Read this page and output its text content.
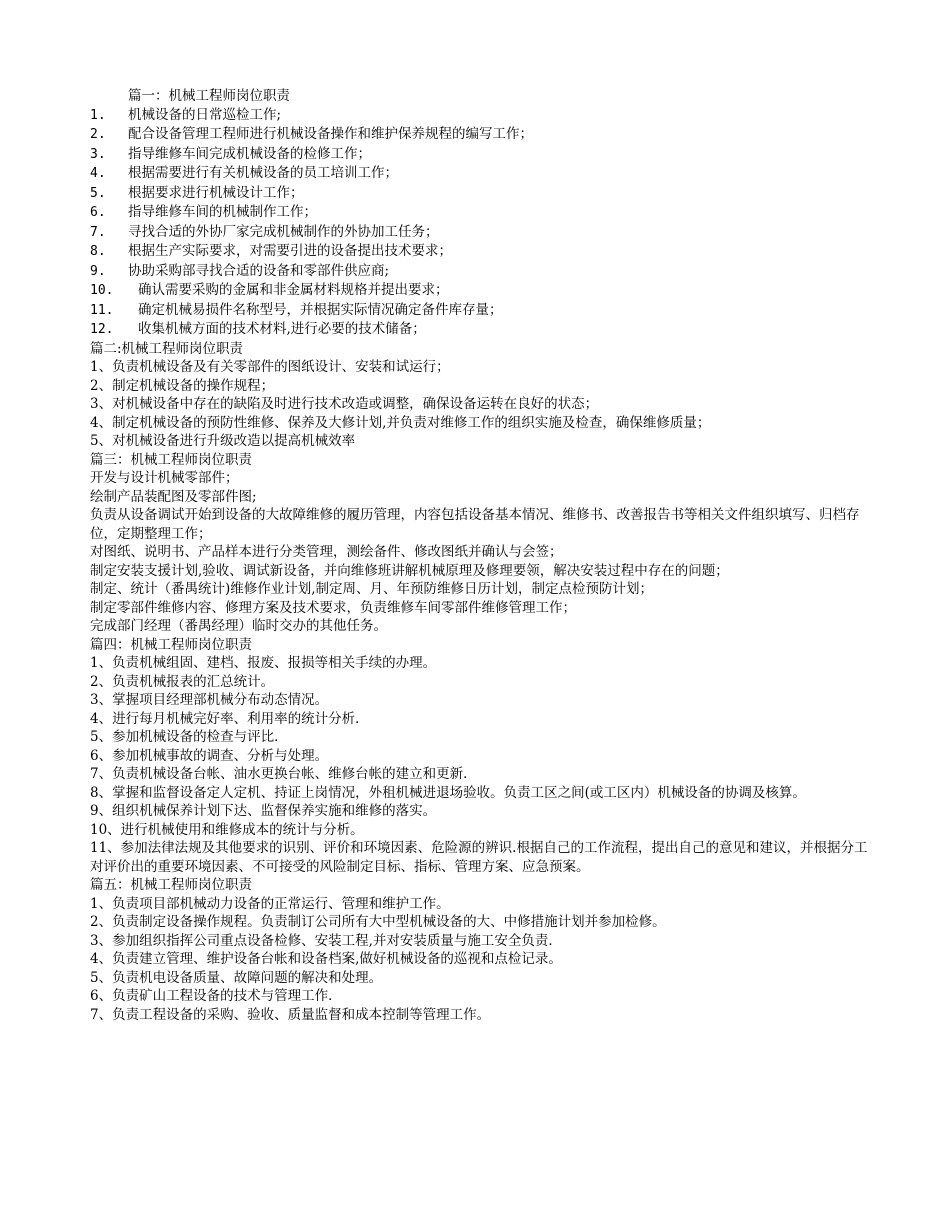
篇一：机械工程师岗位职责
1. 机械设备的日常巡检工作;
2. 配合设备管理工程师进行机械设备操作和维护保养规程的编写工作；
3. 指导维修车间完成机械设备的检修工作；
4. 根据需要进行有关机械设备的员工培训工作；
5. 根据要求进行机械设计工作；
6. 指导维修车间的机械制作工作；
7. 寻找合适的外协厂家完成机械制作的外协加工任务；
8. 根据生产实际要求，对需要引进的设备提出技术要求；
9. 协助采购部寻找合适的设备和零部件供应商;
10. 确认需要采购的金属和非金属材料规格并提出要求；
11. 确定机械易损件名称型号，并根据实际情况确定备件库存量；
12. 收集机械方面的技术材料,进行必要的技术储备；
篇二:机械工程师岗位职责
1、负责机械设备及有关零部件的图纸设计、安装和试运行；
2、制定机械设备的操作规程；
3、对机械设备中存在的缺陷及时进行技术改造或调整，确保设备运转在良好的状态；
4、制定机械设备的预防性维修、保养及大修计划,并负责对维修工作的组织实施及检查，确保维修质量；
5、对机械设备进行升级改造以提高机械效率
篇三：机械工程师岗位职责
开发与设计机械零部件；
绘制产品装配图及零部件图;
负责从设备调试开始到设备的大故障维修的履历管理，内容包括设备基本情况、维修书、改善报告书等相关文件组织填写、归档存位，定期整理工作；
对图纸、说明书、产品样本进行分类管理，测绘备件、修改图纸并确认与会签；
制定安装支援计划,验收、调试新设备，并向维修班讲解机械原理及修理要领，解决安装过程中存在的问题；
制定、统计（番禺统计)维修作业计划,制定周、月、年预防维修日历计划，制定点检预防计划；
制定零部件维修内容、修理方案及技术要求，负责维修车间零部件维修管理工作；
完成部门经理（番禺经理）临时交办的其他任务。
篇四：机械工程师岗位职责
1、负责机械组固、建档、报废、报损等相关手续的办理。
2、负责机械报表的汇总统计。
3、掌握项目经理部机械分布动态情况。
4、进行每月机械完好率、利用率的统计分析．
5、参加机械设备的检查与评比．
6、参加机械事故的调查、分析与处理。
7、负责机械设备台帐、油水更换台帐、维修台帐的建立和更新．
8、掌握和监督设备定人定机、持证上岗情况，外租机械进退场验收。负责工区之间(或工区内）机械设备的协调及核算。
9、组织机械保养计划下达、监督保养实施和维修的落实。
10、进行机械使用和维修成本的统计与分析。
11、参加法律法规及其他要求的识别、评价和环境因素、危险源的辨识.根据自己的工作流程，提出自己的意见和建议，并根据分工对评价出的重要环境因素、不可接受的风险制定目标、指标、管理方案、应急预案。
篇五：机械工程师岗位职责
1、负责项目部机械动力设备的正常运行、管理和维护工作。
2、负责制定设备操作规程。负责制订公司所有大中型机械设备的大、中修措施计划并参加检修。
3、参加组织指挥公司重点设备检修、安装工程,并对安装质量与施工安全负责．
4、负责建立管理、维护设备台帐和设备档案,做好机械设备的巡视和点检记录。
5、负责机电设备质量、故障问题的解决和处理。
6、负责矿山工程设备的技术与管理工作．
7、负责工程设备的采购、验收、质量监督和成本控制等管理工作。
